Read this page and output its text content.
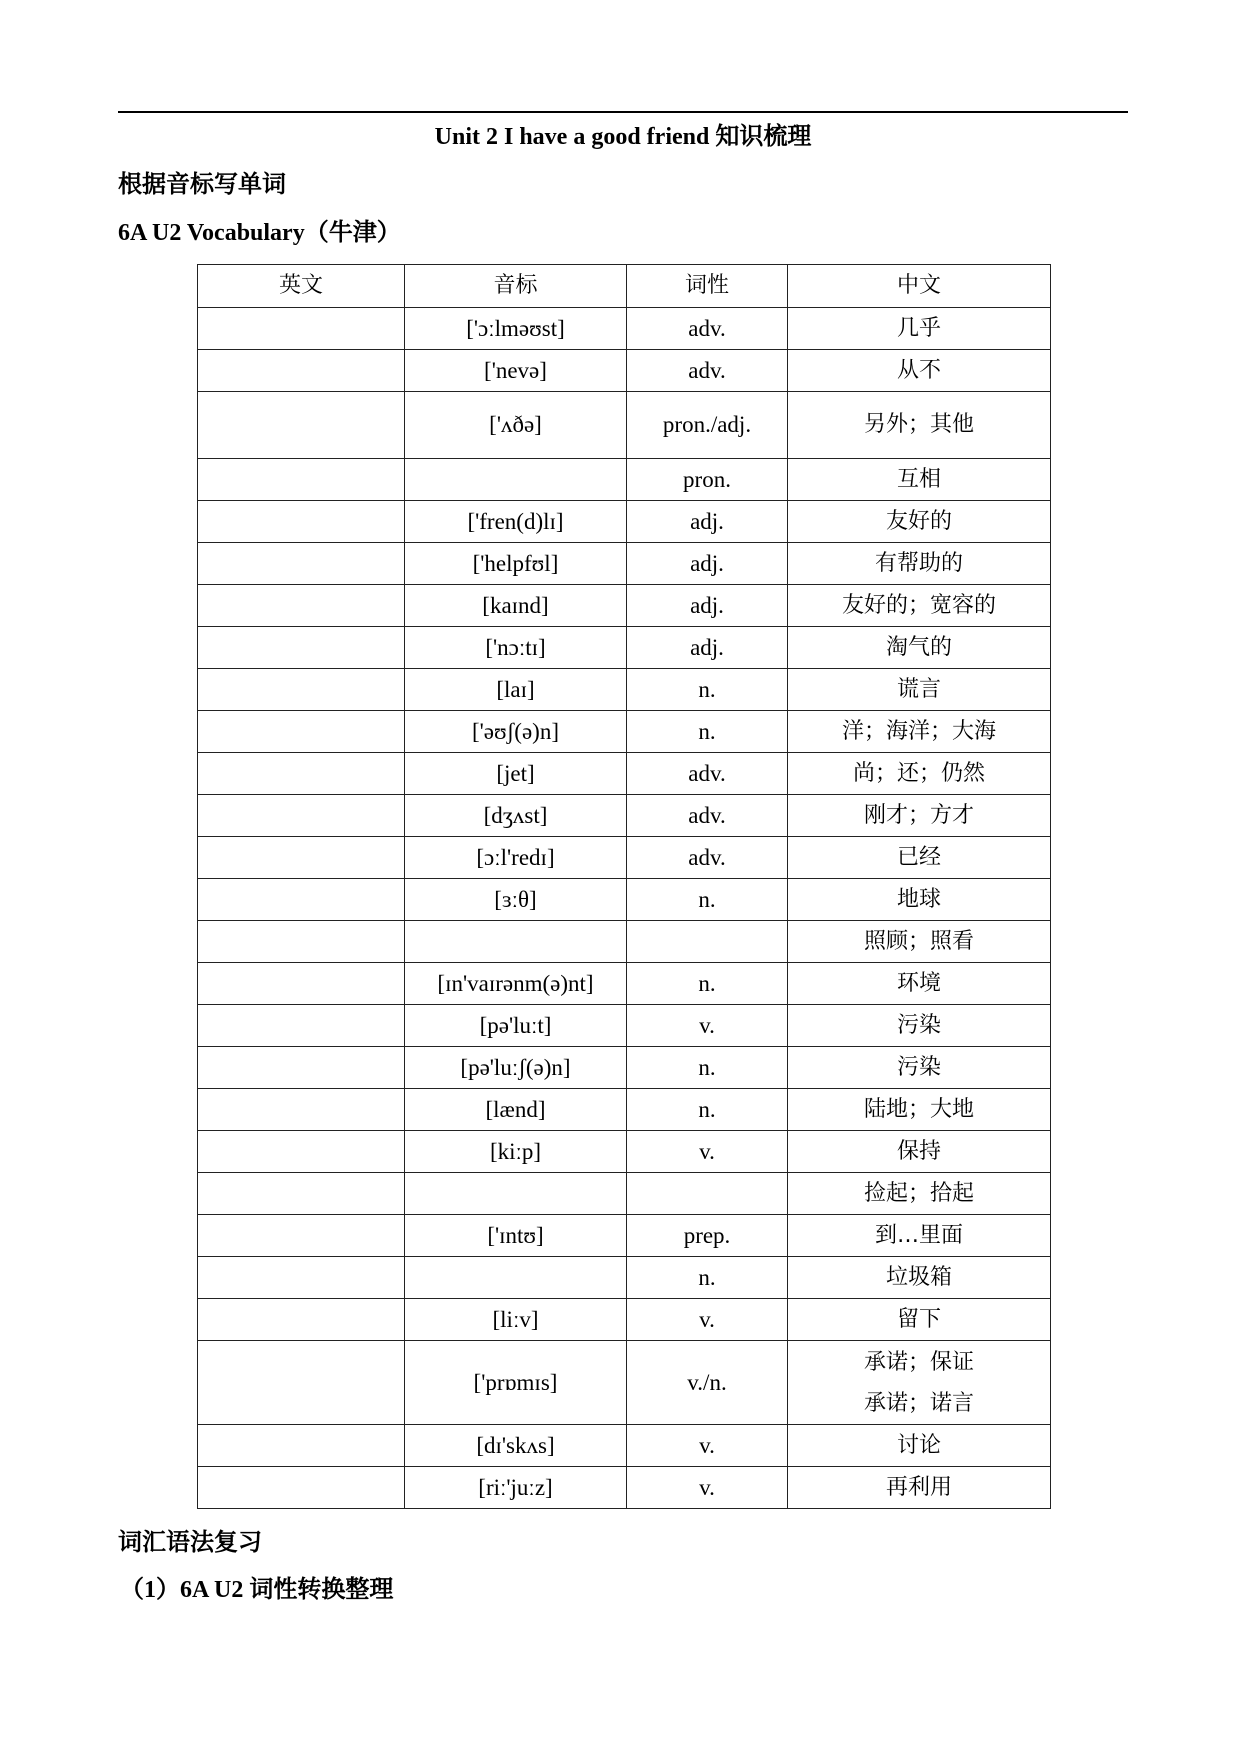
Unit 2 I have a good friend 知识梳理
根据音标写单词
6A U2 Vocabulary（牛津）
英文	音标	词性	中文
	['ɔːlməʊst]	adv.	几乎
	['nevə]	adv.	从不
	['ʌðə]	pron./adj.	另外；其他
		pron.	互相
	['fren(d)lɪ]	adj.	友好的
	['helpfʊl]	adj.	有帮助的
	[kaɪnd]	adj.	友好的；宽容的
	['nɔːtɪ]	adj.	淘气的
	[laɪ]	n.	谎言
	['əʊʃ(ə)n]	n.	洋；海洋；大海
	[jet]	adv.	尚；还；仍然
	[dʒʌst]	adv.	刚才；方才
	[ɔːl'redɪ]	adv.	已经
	[ɜːθ]	n.	地球
			照顾；照看
	[ɪn'vaɪrənm(ə)nt]	n.	环境
	[pə'luːt]	v.	污染
	[pə'luːʃ(ə)n]	n.	污染
	[lænd]	n.	陆地；大地
	[kiːp]	v.	保持
			捡起；拾起
	['ɪntʊ]	prep.	到…里面
		n.	垃圾箱
	[liːv]	v.	留下
	['prɒmɪs]	v./n.	承诺；保证
承诺；诺言

	[dɪ'skʌs]	v.	讨论
	[riː'juːz]	v.	再利用
词汇语法复习
（1）6A U2 词性转换整理
